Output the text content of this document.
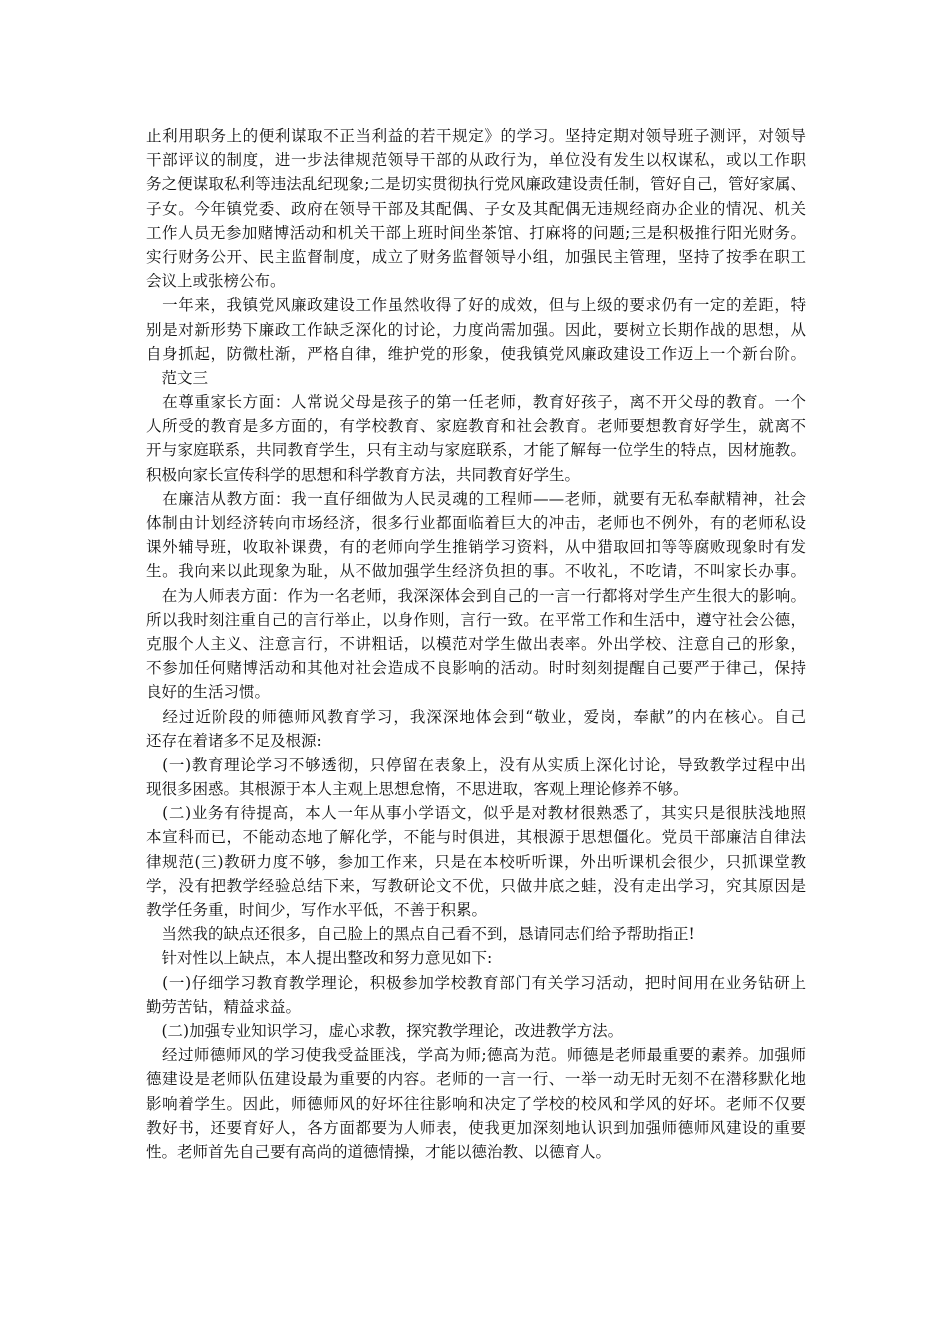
止利用职务上的便利谋取不正当利益的若干规定》的学习。坚持定期对领导班子测评，对领导
干部评议的制度，进一步法律规范领导干部的从政行为，单位没有发生以权谋私，或以工作职
务之便谋取私利等违法乱纪现象;二是切实贯彻执行党风廉政建设责任制，管好自己，管好家属、
子女。今年镇党委、政府在领导干部及其配偶、子女及其配偶无违规经商办企业的情况、机关
工作人员无参加赌博活动和机关干部上班时间坐茶馆、打麻将的问题;三是积极推行阳光财务。
实行财务公开、民主监督制度，成立了财务监督领导小组，加强民主管理，坚持了按季在职工
会议上或张榜公布。
　一年来，我镇党风廉政建设工作虽然收得了好的成效，但与上级的要求仍有一定的差距，特
别是对新形势下廉政工作缺乏深化的讨论，力度尚需加强。因此，要树立长期作战的思想，从
自身抓起，防微杜渐，严格自律，维护党的形象，使我镇党风廉政建设工作迈上一个新台阶。
　范文三
　在尊重家长方面：人常说父母是孩子的第一任老师，教育好孩子，离不开父母的教育。一个
人所受的教育是多方面的，有学校教育、家庭教育和社会教育。老师要想教育好学生，就离不
开与家庭联系，共同教育学生，只有主动与家庭联系，才能了解每一位学生的特点，因材施教。
积极向家长宣传科学的思想和科学教育方法，共同教育好学生。
　在廉洁从教方面：我一直仔细做为人民灵魂的工程师——老师，就要有无私奉献精神，社会
体制由计划经济转向市场经济，很多行业都面临着巨大的冲击，老师也不例外，有的老师私设
课外辅导班，收取补课费，有的老师向学生推销学习资料，从中猎取回扣等等腐败现象时有发
生。我向来以此现象为耻，从不做加强学生经济负担的事。不收礼，不吃请，不叫家长办事。
　在为人师表方面：作为一名老师，我深深体会到自己的一言一行都将对学生产生很大的影响。
所以我时刻注重自己的言行举止，以身作则，言行一致。在平常工作和生活中，遵守社会公德，
克服个人主义、注意言行，不讲粗话，以模范对学生做出表率。外出学校、注意自己的形象，
不参加任何赌博活动和其他对社会造成不良影响的活动。时时刻刻提醒自己要严于律己，保持
良好的生活习惯。
　经过近阶段的师德师风教育学习，我深深地体会到“敬业，爱岗，奉献”的内在核心。自己
还存在着诸多不足及根源:
　(一)教育理论学习不够透彻，只停留在表象上，没有从实质上深化讨论，导致教学过程中出
现很多困惑。其根源于本人主观上思想怠惰，不思进取，客观上理论修养不够。
　(二)业务有待提高，本人一年从事小学语文，似乎是对教材很熟悉了，其实只是很肤浅地照
本宣科而已，不能动态地了解化学，不能与时俱进，其根源于思想僵化。党员干部廉洁自律法
律规范(三)教研力度不够，参加工作来，只是在本校听听课，外出听课机会很少，只抓课堂教
学，没有把教学经验总结下来，写教研论文不优，只做井底之蛙，没有走出学习，究其原因是
教学任务重，时间少，写作水平低，不善于积累。
　当然我的缺点还很多，自己脸上的黑点自己看不到，恳请同志们给予帮助指正!
　针对性以上缺点，本人提出整改和努力意见如下:
　(一)仔细学习教育教学理论，积极参加学校教育部门有关学习活动，把时间用在业务钻研上
勤劳苦钻，精益求益。
　(二)加强专业知识学习，虚心求教，探究教学理论，改进教学方法。
　经过师德师风的学习使我受益匪浅，学高为师;德高为范。师德是老师最重要的素养。加强师
德建设是老师队伍建设最为重要的内容。老师的一言一行、一举一动无时无刻不在潜移默化地
影响着学生。因此，师德师风的好坏往往影响和决定了学校的校风和学风的好坏。老师不仅要
教好书，还要育好人，各方面都要为人师表，使我更加深刻地认识到加强师德师风建设的重要
性。老师首先自己要有高尚的道德情操，才能以德治教、以德育人。
